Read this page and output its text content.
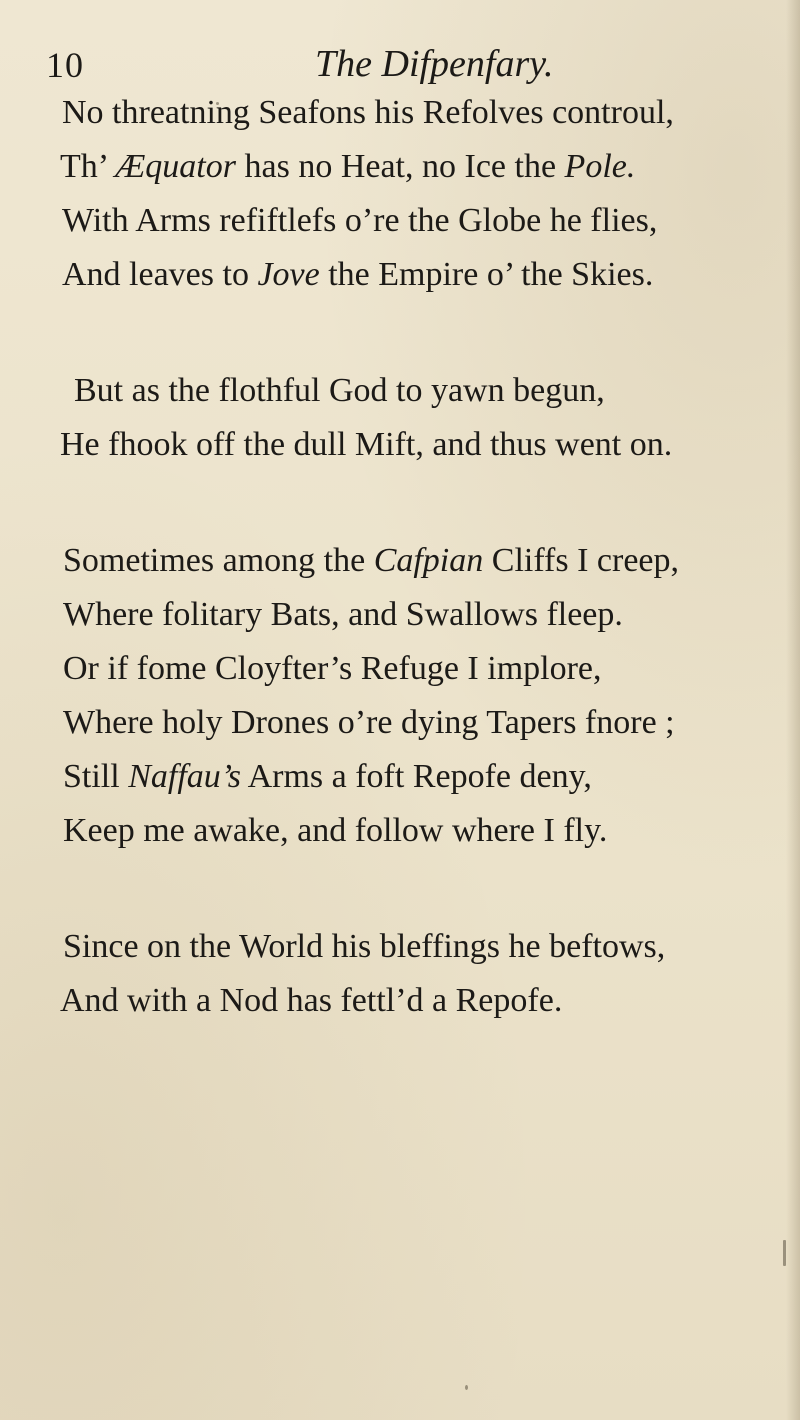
10	The Difpenfary.
No threatning Seafons his Refolves controul,
Th’ Æquator has no Heat, no Ice the Pole.
With Arms refiftlefs o’re the Globe he flies,
And leaves to Jove the Empire o’ the Skies.
But as the flothful God to yawn begun,
He fhook off the dull Mift, and thus went on.
Sometimes among the Cafpian Cliffs I creep,
Where folitary Bats, and Swallows fleep.
Or if fome Cloyfter’s Refuge I implore,
Where holy Drones o’re dying Tapers fnore ;
Still Naffau’s Arms a foft Repofe deny,
Keep me awake, and follow where I fly.
Since on the World his bleffings he beftows,
And with a Nod has fettl’d a Repofe.
